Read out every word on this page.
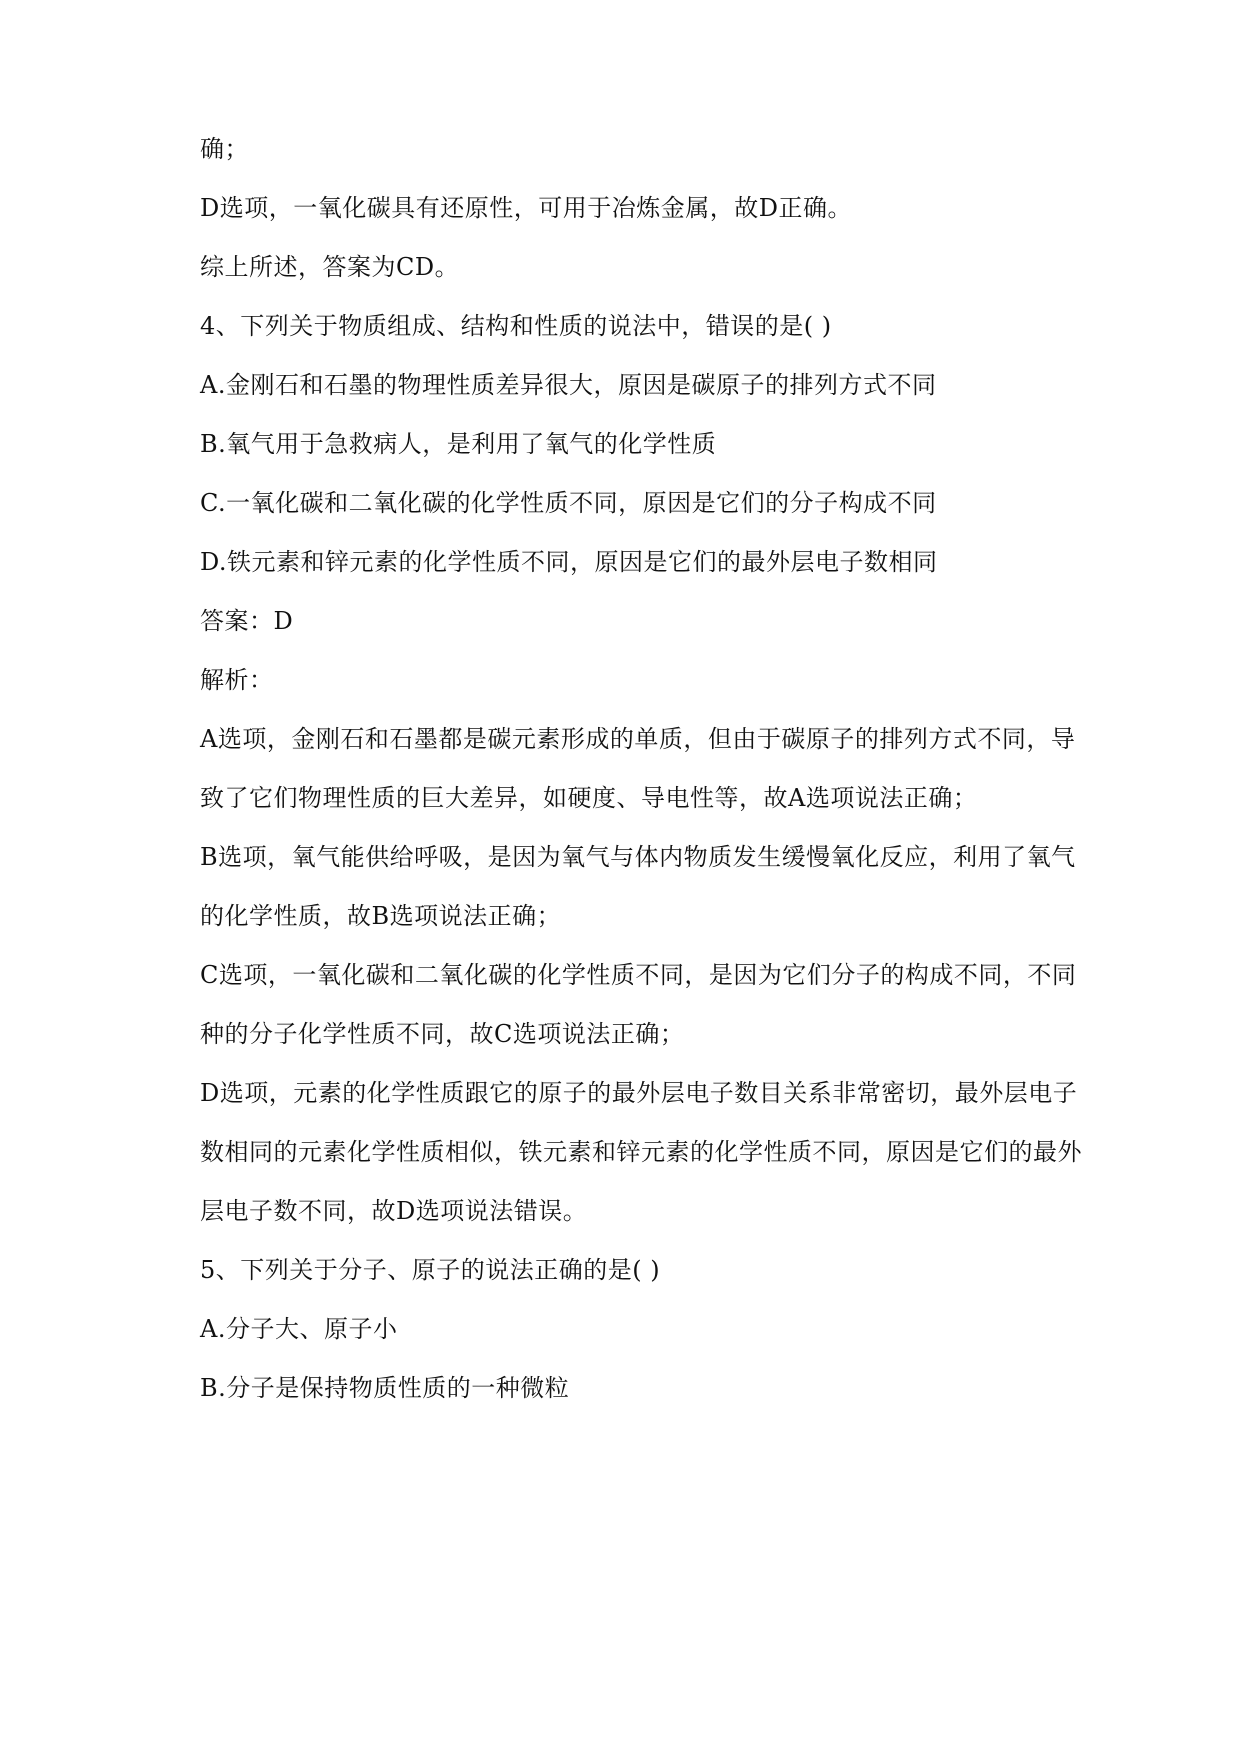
确；
D选项，一氧化碳具有还原性，可用于冶炼金属，故D正确。
综上所述，答案为CD。
4、下列关于物质组成、结构和性质的说法中，错误的是( )
A.金刚石和石墨的物理性质差异很大，原因是碳原子的排列方式不同
B.氧气用于急救病人，是利用了氧气的化学性质
C.一氧化碳和二氧化碳的化学性质不同，原因是它们的分子构成不同
D.铁元素和锌元素的化学性质不同，原因是它们的最外层电子数相同
答案：D
解析：
A选项，金刚石和石墨都是碳元素形成的单质，但由于碳原子的排列方式不同，导
致了它们物理性质的巨大差异，如硬度、导电性等，故A选项说法正确；
B选项，氧气能供给呼吸，是因为氧气与体内物质发生缓慢氧化反应，利用了氧气
的化学性质，故B选项说法正确；
C选项，一氧化碳和二氧化碳的化学性质不同，是因为它们分子的构成不同，不同
种的分子化学性质不同，故C选项说法正确；
D选项，元素的化学性质跟它的原子的最外层电子数目关系非常密切，最外层电子
数相同的元素化学性质相似，铁元素和锌元素的化学性质不同，原因是它们的最外
层电子数不同，故D选项说法错误。
5、下列关于分子、原子的说法正确的是( )
A.分子大、原子小
B.分子是保持物质性质的一种微粒
